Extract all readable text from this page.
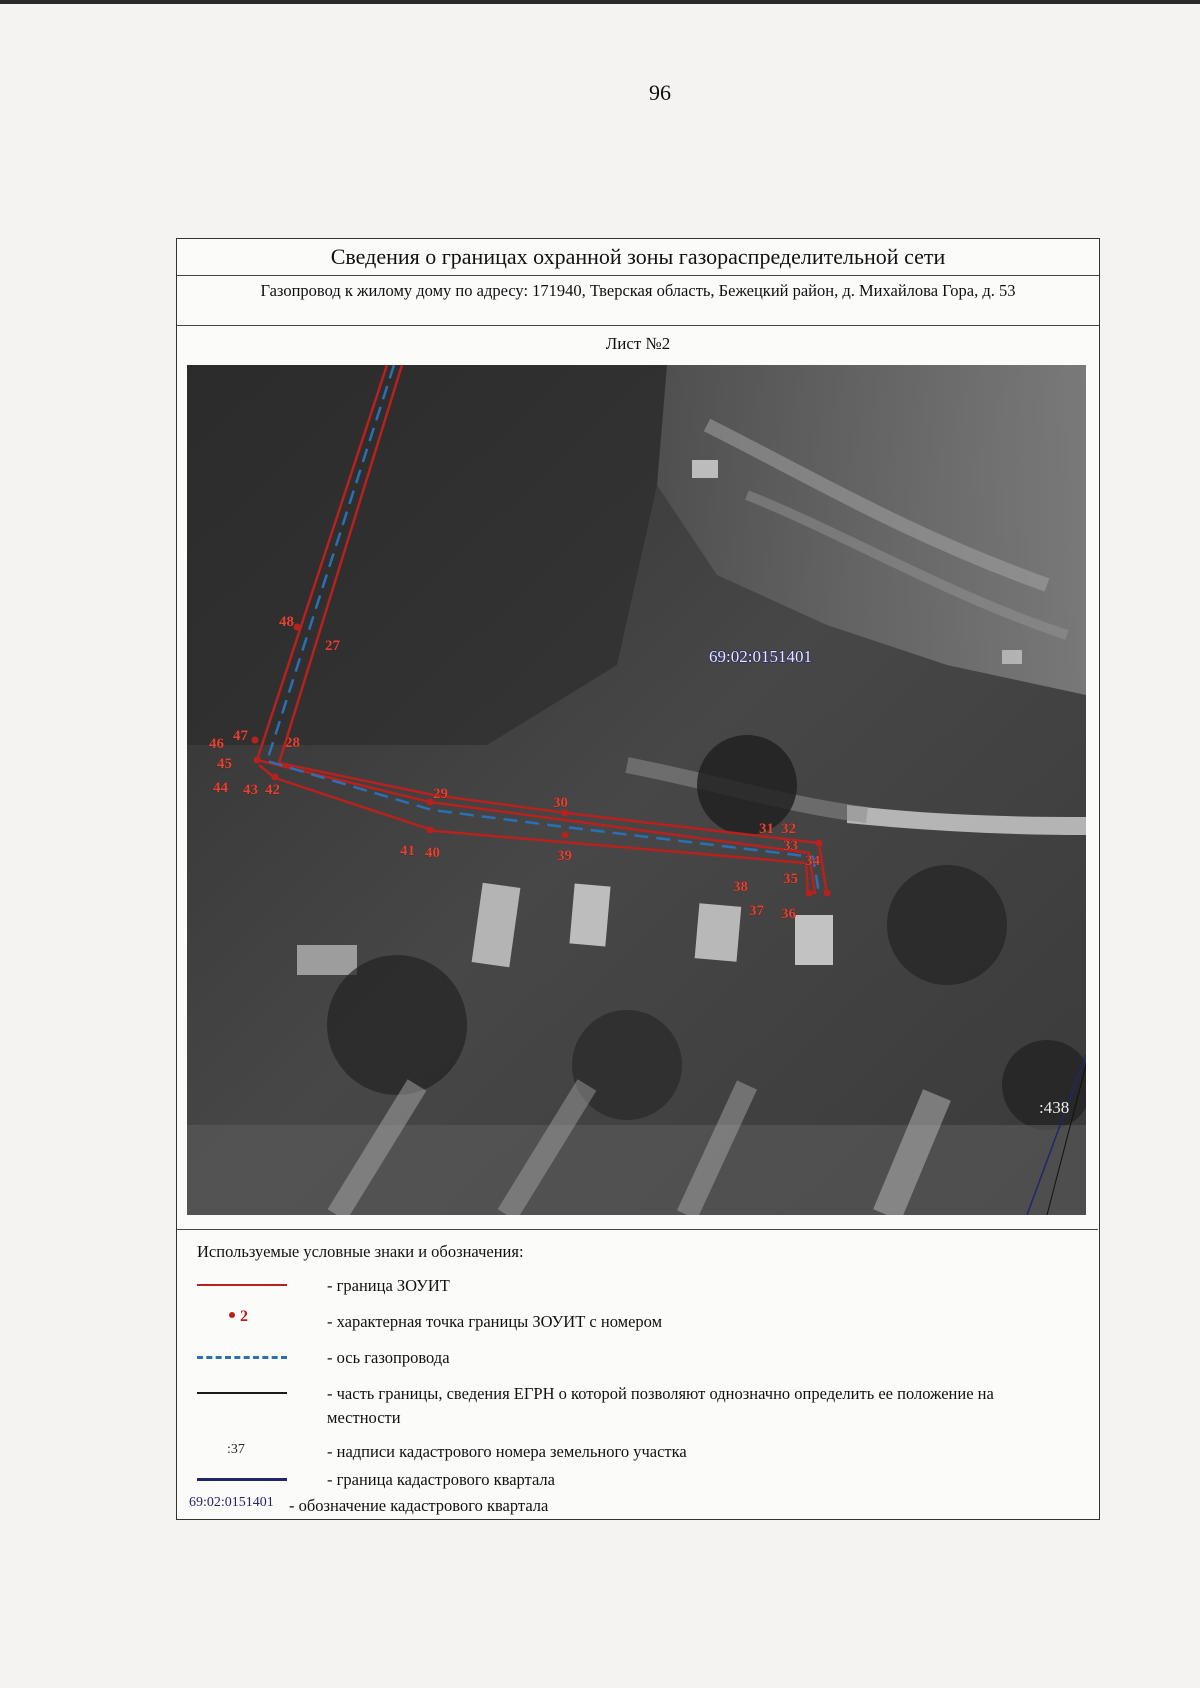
96
Сведения о границах охранной зоны газораспределительной сети
Газопровод к жилому дому по адресу: 171940, Тверская область, Бежецкий район, д. Михайлова Гора, д. 53
Лист №2
27
28
29
30
31 32
33
34
35
36
37
38
39
40
41
42
43
44
45
46 47
48
69:02:0151401
:438
Используемые условные знаки и обозначения:
- граница ЗОУИТ
2	- характерная точка границы ЗОУИТ с номером
- ось газопровода
- часть границы, сведения ЕГРН о которой позволяют однозначно определить ее положение на местности
:37	- надписи кадастрового номера земельного участка
- граница кадастрового квартала
69:02:0151401 - обозначение кадастрового квартала
